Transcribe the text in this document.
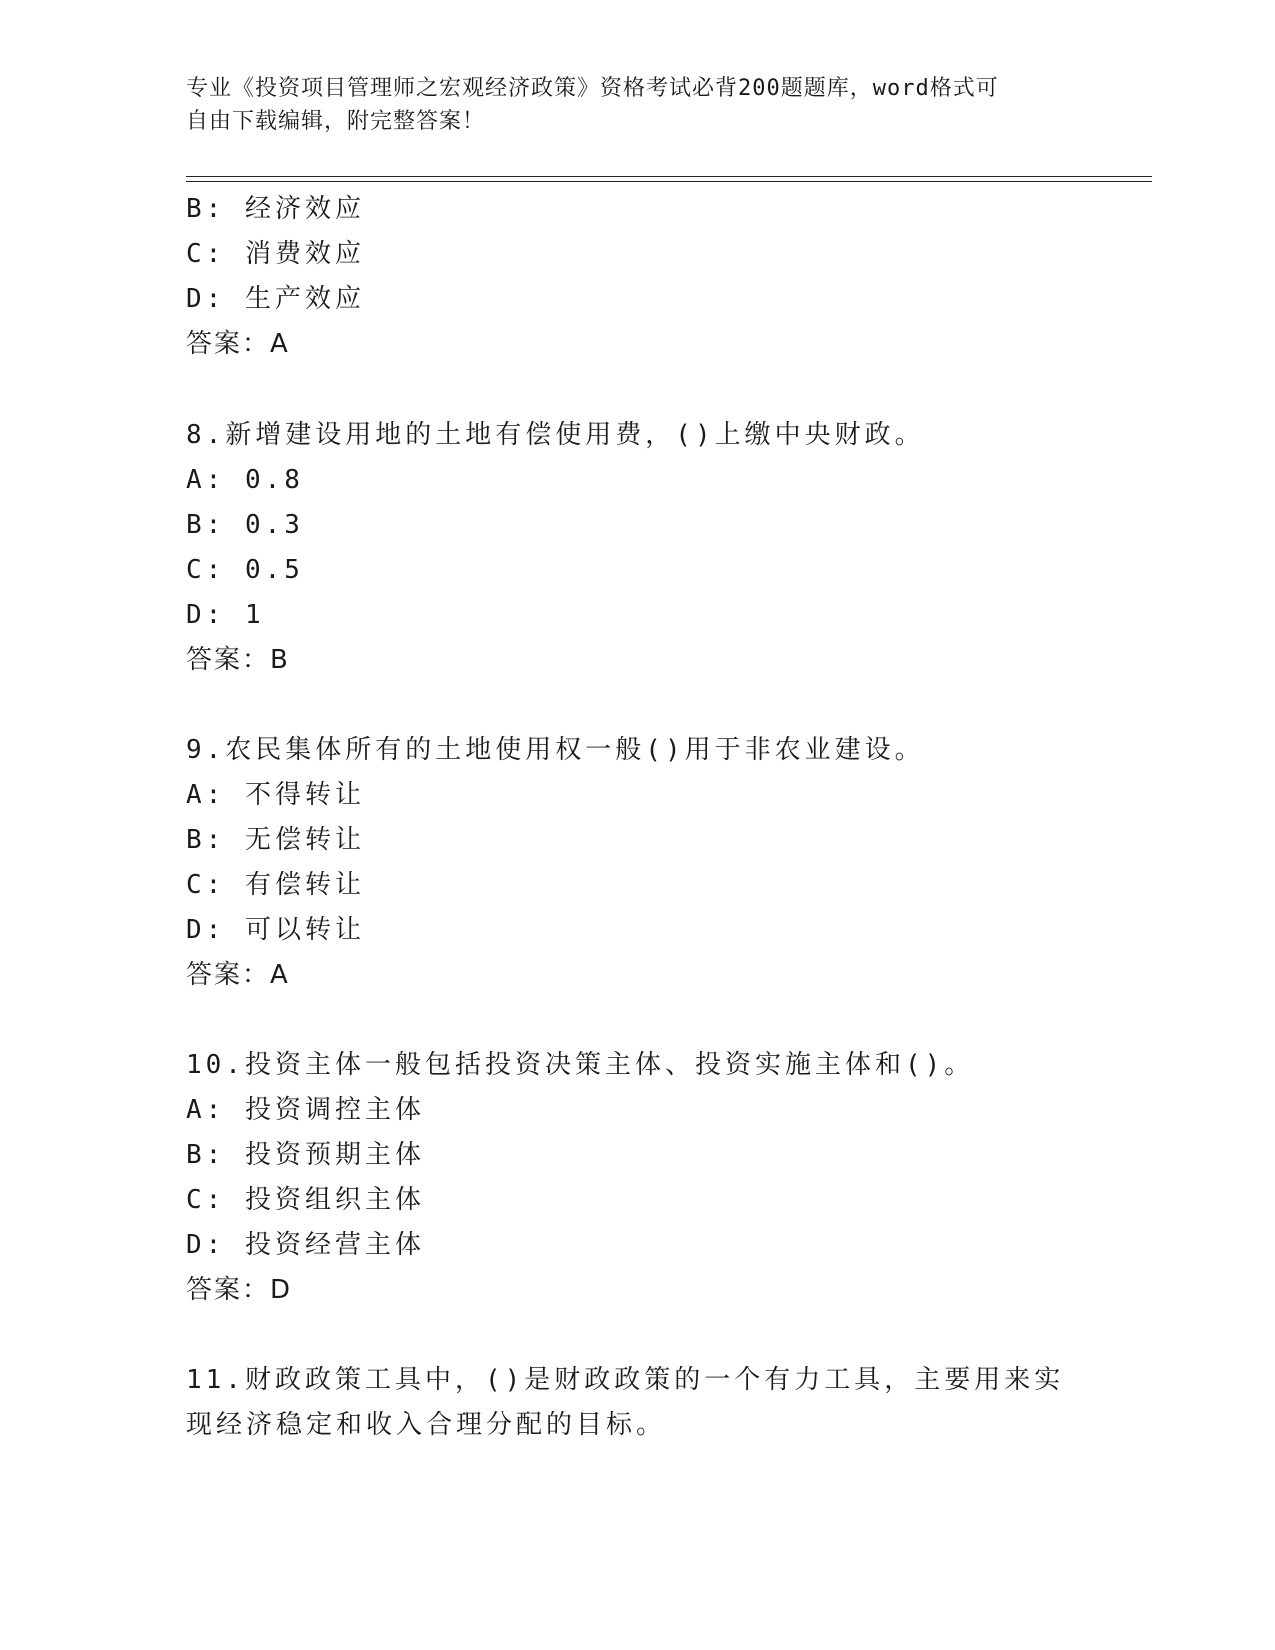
专业《投资项目管理师之宏观经济政策》资格考试必背200题题库，word格式可
自由下载编辑，附完整答案！
B: 经济效应
C: 消费效应
D: 生产效应
答案：A
8.新增建设用地的土地有偿使用费，()上缴中央财政。
A: 0.8
B: 0.3
C: 0.5
D: 1
答案：B
9.农民集体所有的土地使用权一般()用于非农业建设。
A: 不得转让
B: 无偿转让
C: 有偿转让
D: 可以转让
答案：A
10.投资主体一般包括投资决策主体、投资实施主体和()。
A: 投资调控主体
B: 投资预期主体
C: 投资组织主体
D: 投资经营主体
答案：D
11.财政政策工具中，()是财政政策的一个有力工具，主要用来实现经济稳定和收入合理分配的目标。
